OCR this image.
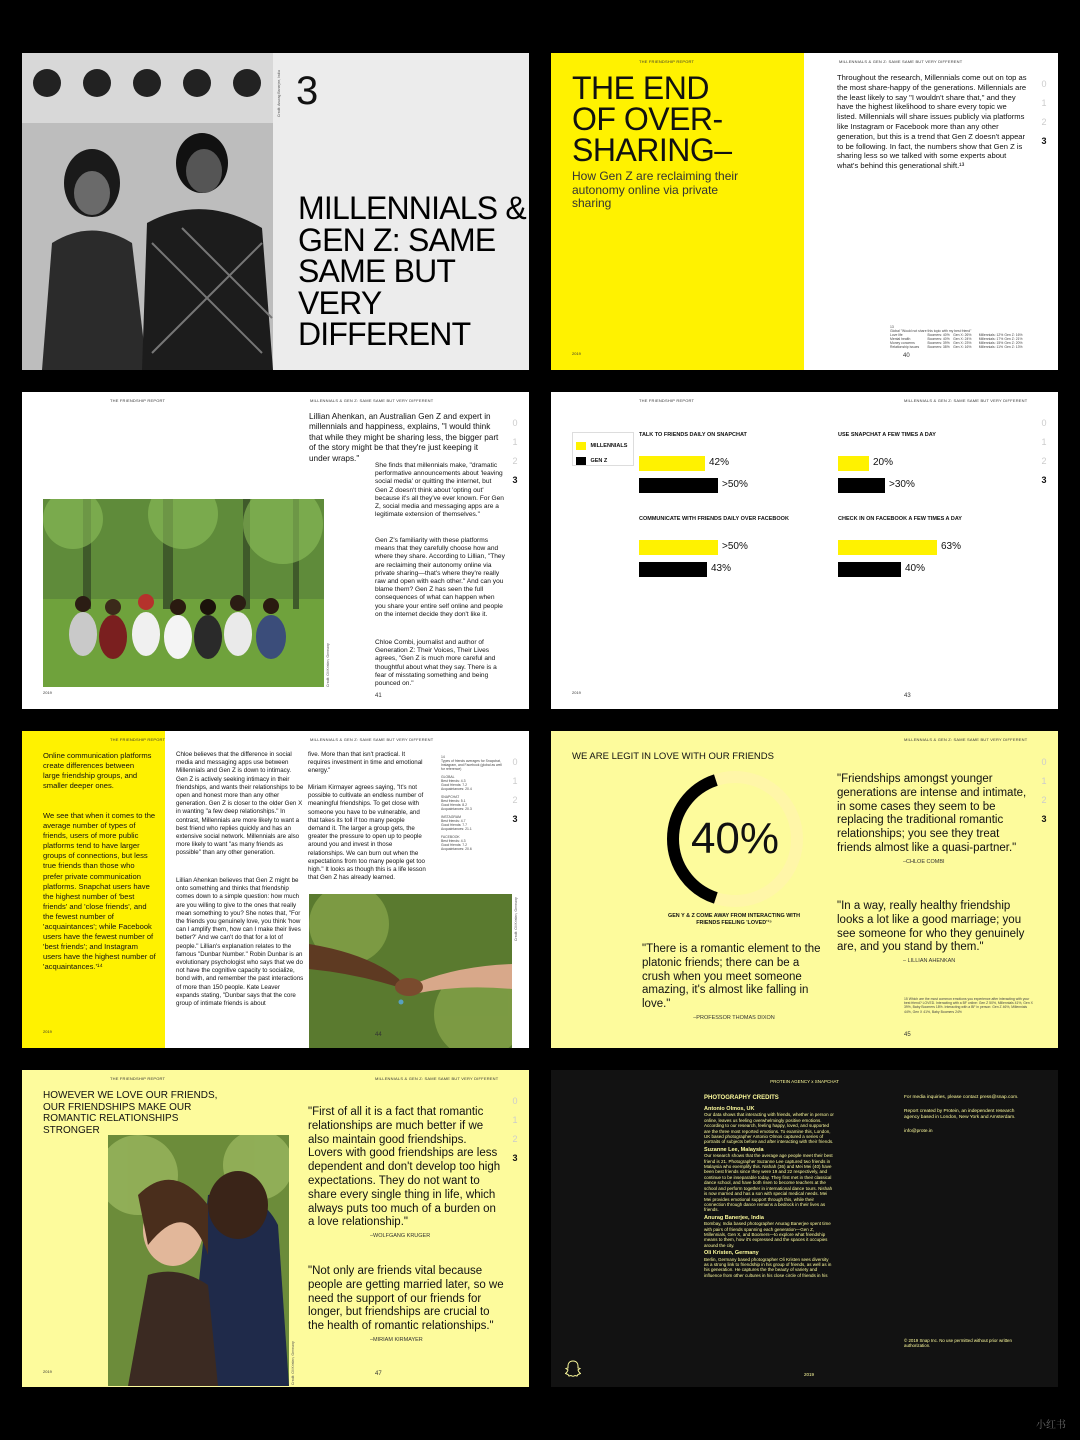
Credit: Anurag Banerjee, India 3
MILLENNIALS & GEN Z: SAME SAME BUT VERY DIFFERENT
THE FRIENDSHIP REPORT	MILLENNIALS & GEN Z: SAME SAME BUT VERY DIFFERENT
THE END OF OVER-SHARING–
How Gen Z are reclaiming their autonomy online via private sharing
Throughout the research, Millennials come out on top as the most share-happy of the generations. Millennials are the least likely to say "I wouldn't share that," and they have the highest likelihood to share every topic we listed. Millennials will share issues publicly via platforms like Instagram or Facebook more than any other generation, but this is a trend that Gen Z doesn't appear to be following. In fact, the numbers show that Gen Z is sharing less so we talked with some experts about what's behind this generational shift.¹³
13
Global "Would not share this topic with my best friend"
Love life	Boomers: 40% Gen X: 26%	Millennials: 12% Gen Z: 16%
Mental health	Boomers: 40% Gen X: 24%	Millennials: 17% Gen Z: 21%
Money concerns	Boomers: 39% Gen X: 23%	Millennials: 15% Gen Z: 20%
Relationship issues	Boomers: 38% Gen X: 16%	Millennials: 11% Gen Z: 13%
2019	40
0
1
2
3
THE FRIENDSHIP REPORT	MILLENNIALS & GEN Z: SAME SAME BUT VERY DIFFERENT
Credit: Oli Kristen, Germany
Lillian Ahenkan, an Australian Gen Z and expert in millennials and happiness, explains, "I would think that while they might be sharing less, the bigger part of the story might be that they're just keeping it under wraps."
She finds that millennials make, "dramatic performative announcements about 'leaving social media' or quitting the internet, but Gen Z doesn't think about 'opting out' because it's all they've ever known. For Gen Z, social media and messaging apps are a legitimate extension of themselves."
Gen Z's familiarity with these platforms means that they carefully choose how and where they share. According to Lillian, "They are reclaiming their autonomy online via private sharing—that's where they're really raw and open with each other." And can you blame them? Gen Z has seen the full consequences of what can happen when you share your entire self online and people on the internet decide they don't like it.
Chloe Combi, journalist and author of Generation Z: Their Voices, Their Lives agrees, "Gen Z is much more careful and thoughtful about what they say. There is a fear of misstating something and being pounced on."
2019
41
0
1
2
3
THE FRIENDSHIP REPORT	MILLENNIALS & GEN Z: SAME SAME BUT VERY DIFFERENT
MILLENNIALS
GEN Z
TALK TO FRIENDS DAILY ON SNAPCHAT
42%
>50%
USE SNAPCHAT A FEW TIMES A DAY
20%
>30%
COMMUNICATE WITH FRIENDS DAILY OVER FACEBOOK
>50%
43%
CHECK IN ON FACEBOOK A FEW TIMES A DAY
63%
40%
2019
43
0
1
2
3
THE FRIENDSHIP REPORT	MILLENNIALS & GEN Z: SAME SAME BUT VERY DIFFERENT
Online communication platforms create differences between large friendship groups, and smaller deeper ones.
We see that when it comes to the average number of types of friends, users of more public platforms tend to have larger groups of connections, but less true friends than those who prefer private communication platforms. Snapchat users have the highest number of 'best friends' and 'close friends', and the fewest number of 'acquaintances'; while Facebook users have the fewest number of 'best friends'; and Instagram users have the highest number of 'acquaintances.'¹⁴
Chloe believes that the difference in social media and messaging apps use between Millennials and Gen Z is down to intimacy. Gen Z is actively seeking intimacy in their friendships, and wants their relationships to be open and honest more than any other generation. Gen Z is closer to the older Gen X in wanting "a few deep relationships." In contrast, Millennials are more likely to want a best friend who replies quickly and has an extensive social network. Millennials are also more likely to want "as many friends as possible" than any other generation.
Lillian Ahenkan believes that Gen Z might be onto something and thinks that friendship comes down to a simple question: how much are you willing to give to the ones that really mean something to you? She notes that, "For the friends you genuinely love, you think 'how can I amplify them, how can I make their lives better?' And we can't do that for a lot of people." Lillian's explanation relates to the famous "Dunbar Number." Robin Dunbar is an evolutionary psychologist who says that we do not have the cognitive capacity to socialize, bond with, and remember the past interactions of more than 150 people. Kate Leaver expands stating, "Dunbar says that the core group of intimate friends is about
five. More than that isn't practical. It requires investment in time and emotional energy."
Miriam Kirmayer agrees saying, "It's not possible to cultivate an endless number of meaningful friendships. To get close with someone you have to be vulnerable, and that takes its toll if too many people demand it. The larger a group gets, the greater the pressure to open up to people around you and invest in those relationships. We can burn out when the expectations from too many people get too high." It looks as though this is a life lesson that Gen Z has already learned.
14
Types of friends averages for Snapchat, Instagram, and Facebook (global as well for reference)

GLOBAL
Best friends: 4.3
Good friends: 7.2
Acquaintances: 20.4
SNAPCHAT
Best friends: 5.1
Good friends: 8.2
Acquaintances: 20.3
INSTAGRAM
Best friends: 4.7
Good friends: 7.7
Acquaintances: 21.1
FACEBOOK
Best friends: 4.3
Good friends: 7.2
Acquaintances: 20.6
Credit: Oli Kristen, Germany
2019
44
0
1
2
3
MILLENNIALS & GEN Z: SAME SAME BUT VERY DIFFERENT
WE ARE LEGIT IN LOVE WITH OUR FRIENDS
40%
GEN Y & Z COME AWAY FROM INTERACTING WITH FRIENDS FEELING 'LOVED'¹⁵
"There is a romantic element to the platonic friends; there can be a crush when you meet someone amazing, it's almost like falling in love."
–PROFESSOR THOMAS DIXON
"Friendships amongst younger generations are intense and intimate, in some cases they seem to be replacing the traditional romantic relationships; you see they treat friends almost like a quasi-partner."
–CHLOE COMBI
"In a way, really healthy friendship looks a lot like a good marriage; you see someone for who they genuinely are, and you stand by them."
– LILLIAN AHENKAN
15 Which are the most common emotions you experience after interacting with your best friend? LOVED. Interacting with a BF online: Gen Z 50%, Millennials 41%, Gen X 39%, Baby Boomers 18%. Interacting with a BF in person: Gen Z 46%, Millennials 44%, Gen X 41%, Baby Boomers 24%
45
0
1
2
3
THE FRIENDSHIP REPORT	MILLENNIALS & GEN Z: SAME SAME BUT VERY DIFFERENT
HOWEVER WE LOVE OUR FRIENDS, OUR FRIENDSHIPS MAKE OUR ROMANTIC RELATIONSHIPS STRONGER
Credit: Oli Kristen, Germany
"First of all it is a fact that romantic relationships are much better if we also maintain good friendships. Lovers with good friendships are less dependent and don't develop too high expectations. They do not want to share every single thing in life, which always puts too much of a burden on a love relationship."
–WOLFGANG KRUGER
"Not only are friends vital because people are getting married later, so we need the support of our friends for longer, but friendships are crucial to the health of romantic relationships."
–MIRIAM KIRMAYER
2019	47
0
1
2
3
PROTEIN AGENCY x SNAPCHAT
PHOTOGRAPHY CREDITS
Antonio Olmos, UK
Our data shows that interacting with friends, whether in person or online, leaves us feeling overwhelmingly positive emotions. According to our research, feeling happy, loved, and supported are the three most reported emotions. To examine this, London, UK based photographer Antonio Olmos captured a series of portraits of subjects before and after interacting with their friends.
Suzanne Lee, Malaysia
Our research shows that the average age people meet their best friend is 21. Photographer Suzanne Lee captured two friends in Malaysia who exemplify this. Nishah (36) and Mei Mei (40) have been best friends since they were 19 and 22 respectively, and continue to be inseparable today. They first met in their classical dance school, and have both risen to become teachers at the school and perform together in international dance tours. Nishah is now married and has a son with special medical needs. Mei Mei provides emotional support through this, while their connection through dance remains a bedrock in their lives as friends.
Anurag Banerjee, India
Bombay, India based photographer Anurag Banerjee spent time with pairs of friends spanning each generation—Gen Z, Millennials, Gen X, and Boomers—to explore what friendship means to them, how it's expressed and the spaces it occupies around the city.
Oli Kristen, Germany
Berlin, Germany based photographer Oli Kristen sees diversity as a strong link to friendship in his group of friends, as well as in his generation. He captures the the beauty of variety and influence from other cultures in his close circle of friends in his
For media inquiries, please contact press@snap.com.
Report created by Protein, an independent research agency based in London, New York and Amsterdam.
info@prote.in
© 2019 Snap Inc. No use permitted without prior written authorization.
2019
小红书
